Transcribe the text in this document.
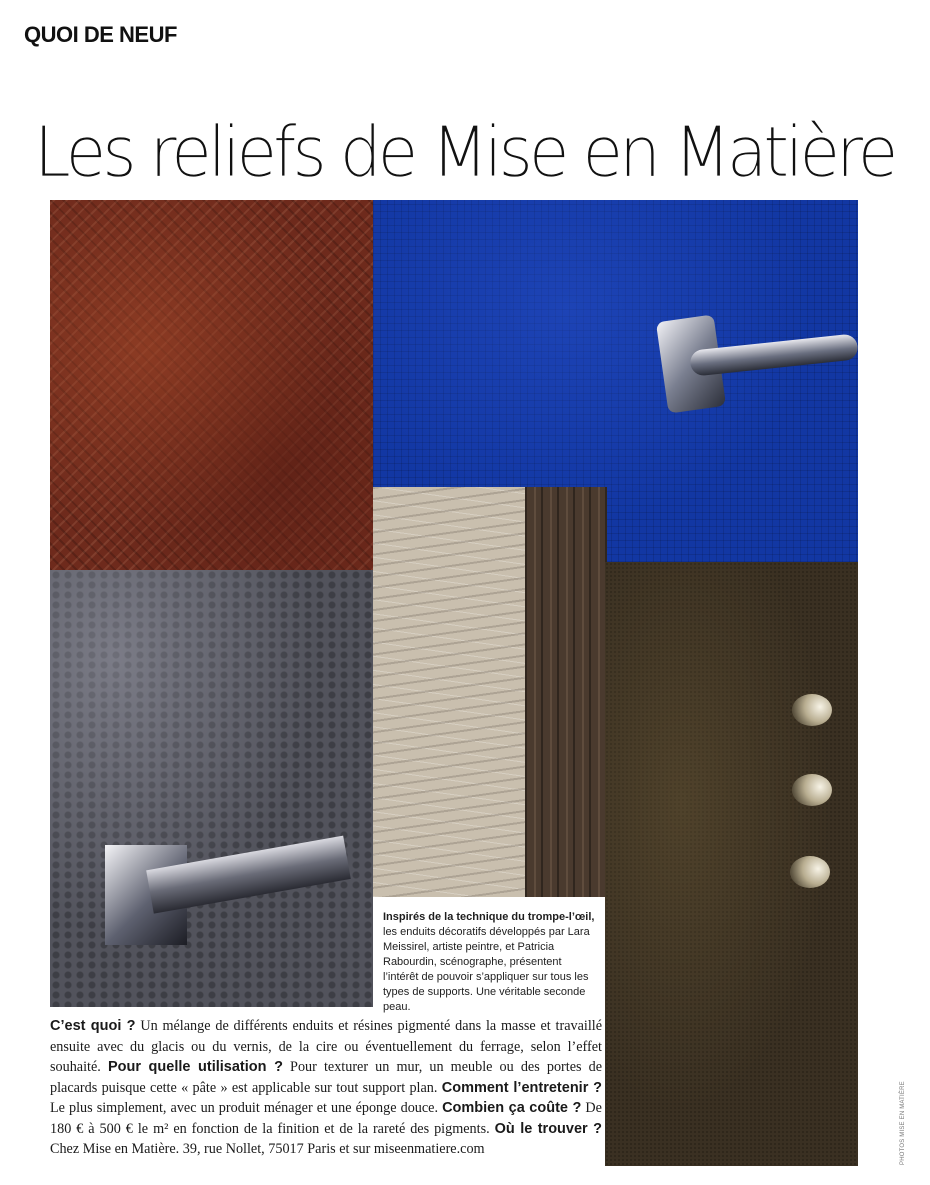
QUOI DE NEUF
Les reliefs de Mise en Matière
Inspirés de la technique du trompe-l’œil, les enduits décoratifs développés par Lara Meissirel, artiste peintre, et Patricia Rabourdin, scénographe, présentent l’intérêt de pouvoir s’appliquer sur tous les types de supports. Une véritable seconde peau.
C’est quoi ? Un mélange de différents enduits et résines pigmenté dans la masse et travaillé ensuite avec du glacis ou du vernis, de la cire ou éventuellement du ferrage, selon l’effet souhaité. Pour quelle utilisation ? Pour texturer un mur, un meuble ou des portes de placards puisque cette « pâte » est applicable sur tout support plan. Comment l’entretenir ? Le plus simplement, avec un produit ménager et une éponge douce. Combien ça coûte ? De 180 € à 500 € le m² en fonction de la finition et de la rareté des pigments. Où le trouver ? Chez Mise en Matière. 39, rue Nollet, 75017 Paris et sur miseenmatiere.com	PHOTOS MISE EN MATIÈRE
